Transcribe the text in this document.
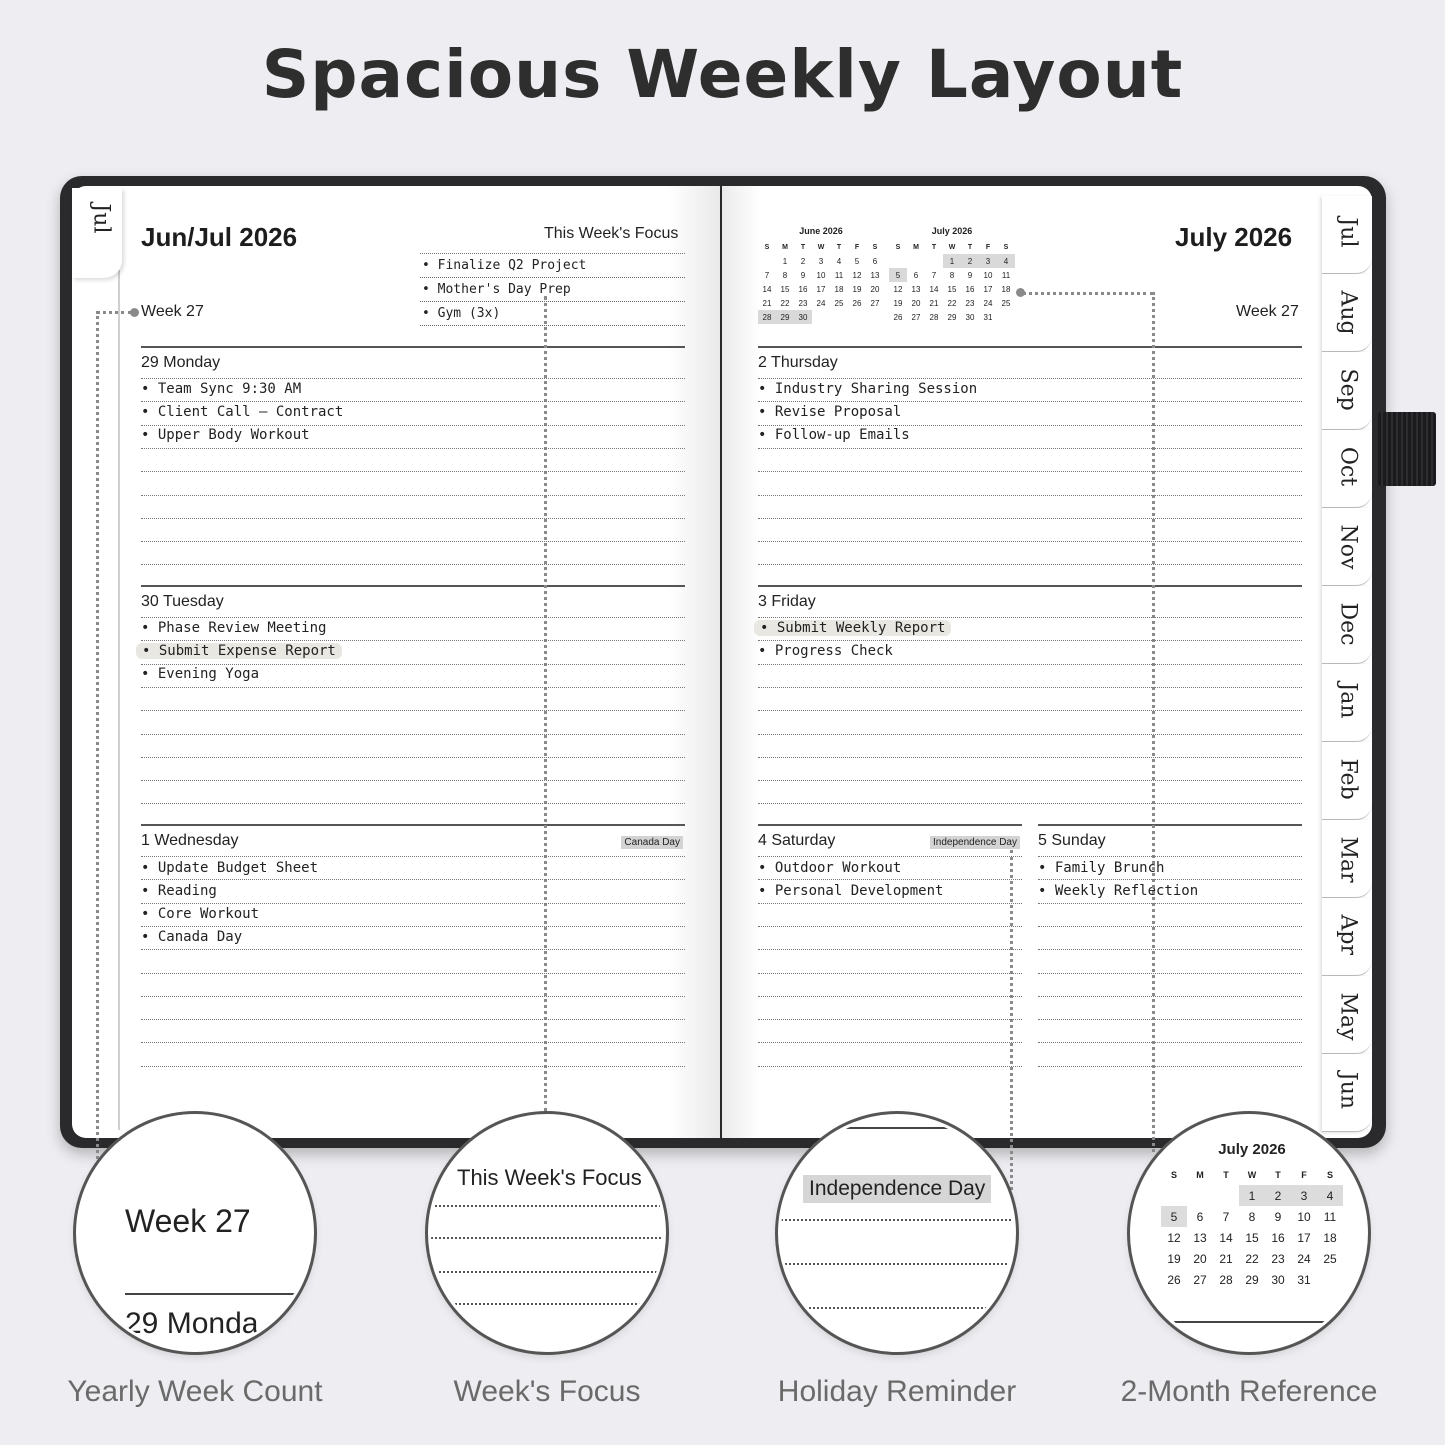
Spacious Weekly Layout
Jul
Jun/Jul 2026	This Week's Focus
• Finalize Q2 Project
• Mother's Day Prep
• Gym (3x)
Week 27
29 Monday
30 Tuesday
1 Wednesday	Canada Day
• Team Sync 9:30 AM
• Client Call — Contract
• Upper Body Workout
• Phase Review Meeting
• Submit Expense Report
• Evening Yoga
• Update Budget Sheet
• Reading
• Core Workout
• Canada Day
June 2026
S	M	T	W	T	F	S
	1	2	3	4	5	6
7	8	9	10	11	12	13
14	15	16	17	18	19	20
21	22	23	24	25	26	27
28	29	30				
July 2026
S	M	T	W	T	F	S
			1	2	3	4
5	6	7	8	9	10	11
12	13	14	15	16	17	18
19	20	21	22	23	24	25
26	27	28	29	30	31	
July 2026
Week 27
2 Thursday
3 Friday
4 Saturday	Independence Day 5 Sunday
• Industry Sharing Session
• Revise Proposal
• Follow-up Emails
• Submit Weekly Report
• Progress Check
• Outdoor Workout
• Personal Development
• Family Brunch
• Weekly Reflection
Jul
Aug
Sep
Oct
Nov
Dec
Jan
Feb
Mar
Apr
May
Jun
Week 27
29 Monda
This Week's Focus	Independence Day
July 2026
S	M	T	W	T	F	S
			1	2	3	4
5	6	7	8	9	10	11
12	13	14	15	16	17	18
19	20	21	22	23	24	25
26	27	28	29	30	31	
Yearly Week Count	Week's Focus	Holiday Reminder	2-Month Reference
